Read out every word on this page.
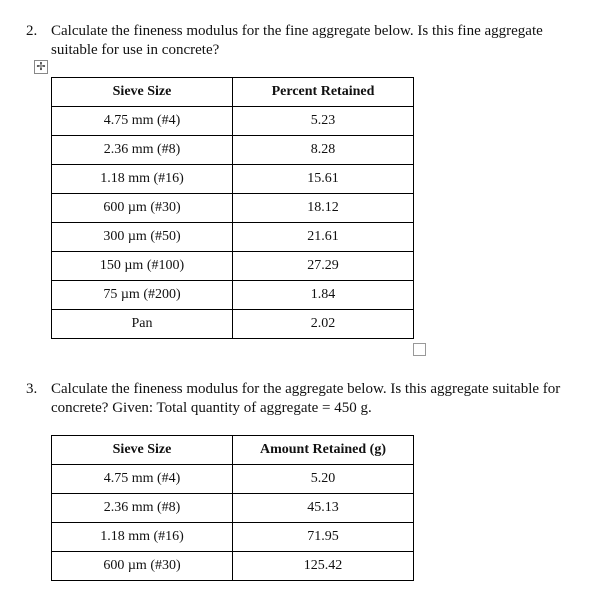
2. Calculate the fineness modulus for the fine aggregate below. Is this fine aggregate suitable for use in concrete?
✢
Sieve Size	Percent Retained
4.75 mm (#4)	5.23
2.36 mm (#8)	8.28
1.18 mm (#16)	15.61
600 µm (#30)	18.12
300 µm (#50)	21.61
150 µm (#100)	27.29
75 µm (#200)	1.84
Pan	2.02
3. Calculate the fineness modulus for the aggregate below. Is this aggregate suitable for concrete? Given: Total quantity of aggregate = 450 g.
Sieve Size	Amount Retained (g)
4.75 mm (#4)	5.20
2.36 mm (#8)	45.13
1.18 mm (#16)	71.95
600 µm (#30)	125.42
